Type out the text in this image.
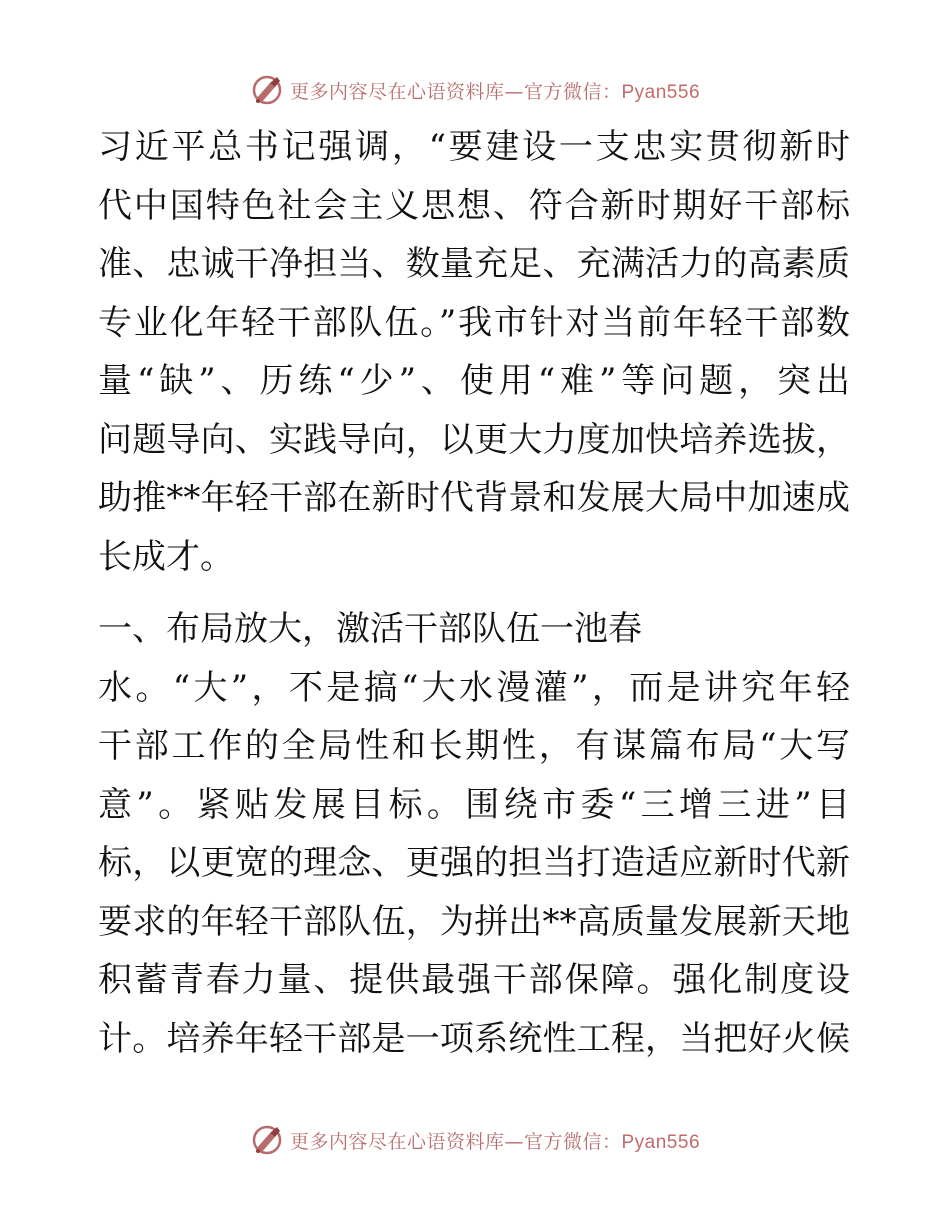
更多内容尽在心语资料库—官方微信：Pyan556
习近平总书记强调，“要建设一支忠实贯彻新时
代中国特色社会主义思想、符合新时期好干部标
准、忠诚干净担当、数量充足、充满活力的高素质
专业化年轻干部队伍。”我市针对当前年轻干部数
量“缺”、历练“少”、使用“难”等问题，突出
问题导向、实践导向，以更大力度加快培养选拔，
助推**年轻干部在新时代背景和发展大局中加速成
长成才。
一、布局放大，激活干部队伍一池春
水。“大”，不是搞“大水漫灌”，而是讲究年轻
干部工作的全局性和长期性，有谋篇布局“大写
意”。紧贴发展目标。围绕市委“三增三进”目
标，以更宽的理念、更强的担当打造适应新时代新
要求的年轻干部队伍，为拼出**高质量发展新天地
积蓄青春力量、提供最强干部保障。强化制度设
计。培养年轻干部是一项系统性工程，当把好火候
更多内容尽在心语资料库—官方微信：Pyan556
